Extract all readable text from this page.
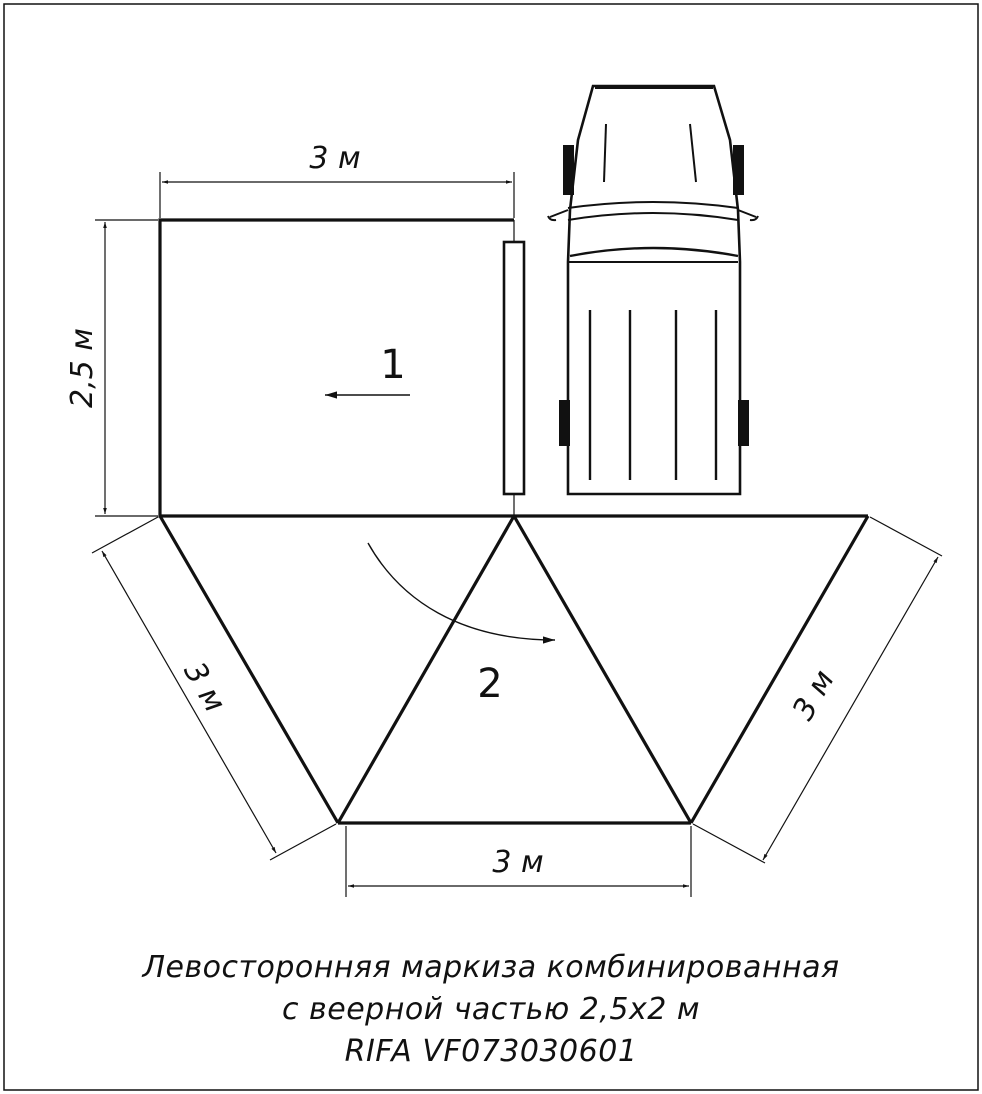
3 м
2,5 м
3 м
3 м
3 м
1
2
Левосторонняя маркиза комбинированная
с веерной частью 2,5х2 м
RIFA VF073030601
